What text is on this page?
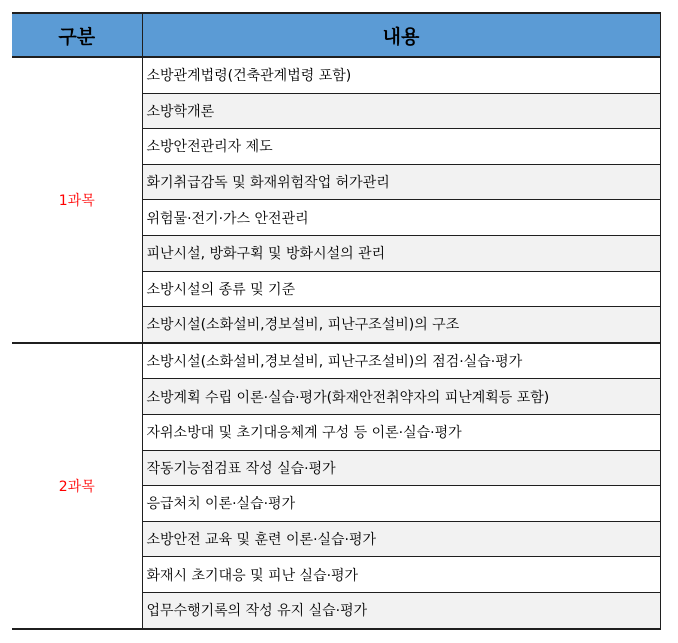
구분	내용
1과목	소방관계법령(건축관계법령 포함)
	소방학개론
	소방안전관리자 제도
	화기취급감독 및 화재위험작업 허가관리
	위험물·전기·가스 안전관리
	피난시설, 방화구획 및 방화시설의 관리
	소방시설의 종류 및 기준
	소방시설(소화설비,경보설비, 피난구조설비)의 구조
2과목	소방시설(소화설비,경보설비, 피난구조설비)의 점검·실습·평가
	소방계획 수립 이론·실습·평가(화재안전취약자의 피난계획등 포함)
	자위소방대 및 초기대응체계 구성 등 이론·실습·평가
	작동기능점검표 작성 실습·평가
	응급처치 이론·실습·평가
	소방안전 교육 및 훈련 이론·실습·평가
	화재시 초기대응 및 피난 실습·평가
	업무수행기록의 작성 유지 실습·평가
